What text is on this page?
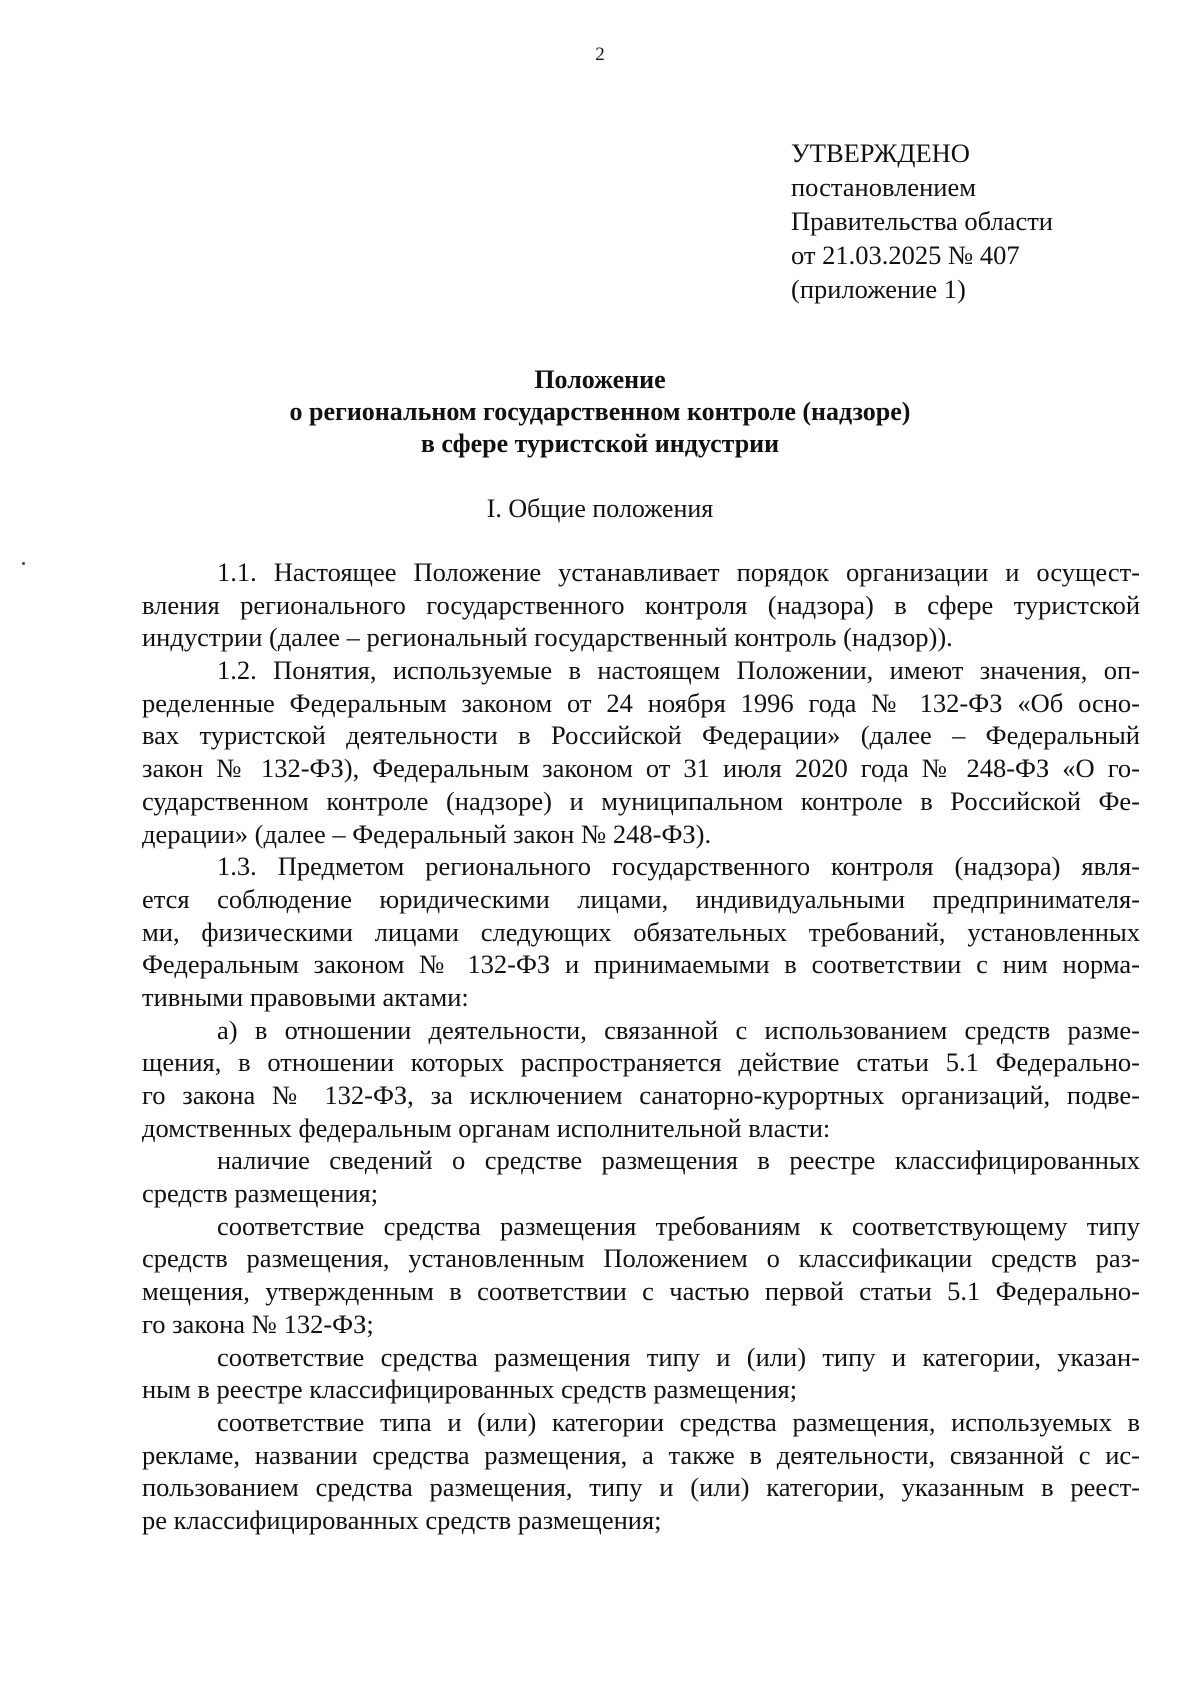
2
УТВЕРЖДЕНО
постановлением
Правительства области
от 21.03.2025 № 407
(приложение 1)
Положение
о региональном государственном контроле (надзоре)
в сфере туристской индустрии
I. Общие положения
1.1. Настоящее Положение устанавливает порядок организации и осущест-
вления регионального государственного контроля (надзора) в сфере туристской
индустрии (далее – региональный государственный контроль (надзор)).
1.2. Понятия, используемые в настоящем Положении, имеют значения, оп-
ределенные Федеральным законом от 24 ноября 1996 года № 132-ФЗ «Об осно-
вах туристской деятельности в Российской Федерации» (далее – Федеральный
закон № 132-ФЗ), Федеральным законом от 31 июля 2020 года № 248-ФЗ «О го-
сударственном контроле (надзоре) и муниципальном контроле в Российской Фе-
дерации» (далее – Федеральный закон № 248-ФЗ).
1.3. Предметом регионального государственного контроля (надзора) явля-
ется соблюдение юридическими лицами, индивидуальными предпринимателя-
ми, физическими лицами следующих обязательных требований, установленных
Федеральным законом № 132-ФЗ и принимаемыми в соответствии с ним норма-
тивными правовыми актами:
а) в отношении деятельности, связанной с использованием средств разме-
щения, в отношении которых распространяется действие статьи 5.1 Федерально-
го закона № 132-ФЗ, за исключением санаторно-курортных организаций, подве-
домственных федеральным органам исполнительной власти:
наличие сведений о средстве размещения в реестре классифицированных
средств размещения;
соответствие средства размещения требованиям к соответствующему типу
средств размещения, установленным Положением о классификации средств раз-
мещения, утвержденным в соответствии с частью первой статьи 5.1 Федерально-
го закона № 132-ФЗ;
соответствие средства размещения типу и (или) типу и категории, указан-
ным в реестре классифицированных средств размещения;
соответствие типа и (или) категории средства размещения, используемых в
рекламе, названии средства размещения, а также в деятельности, связанной с ис-
пользованием средства размещения, типу и (или) категории, указанным в реест-
ре классифицированных средств размещения;
